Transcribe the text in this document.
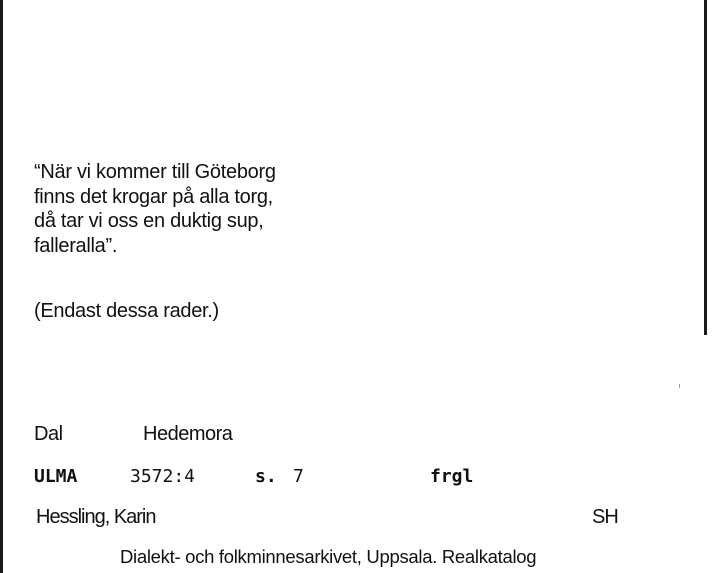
“När vi kommer till Göteborg
finns det krogar på alla torg,
då tar vi oss en duktig sup,
falleralla”.
(Endast dessa rader.)
Dal	Hedemora
ULMA	3572:4	s. 7	frgl
Hessling, Karin	SH
Dialekt- och folkminnesarkivet, Uppsala. Realkatalog
